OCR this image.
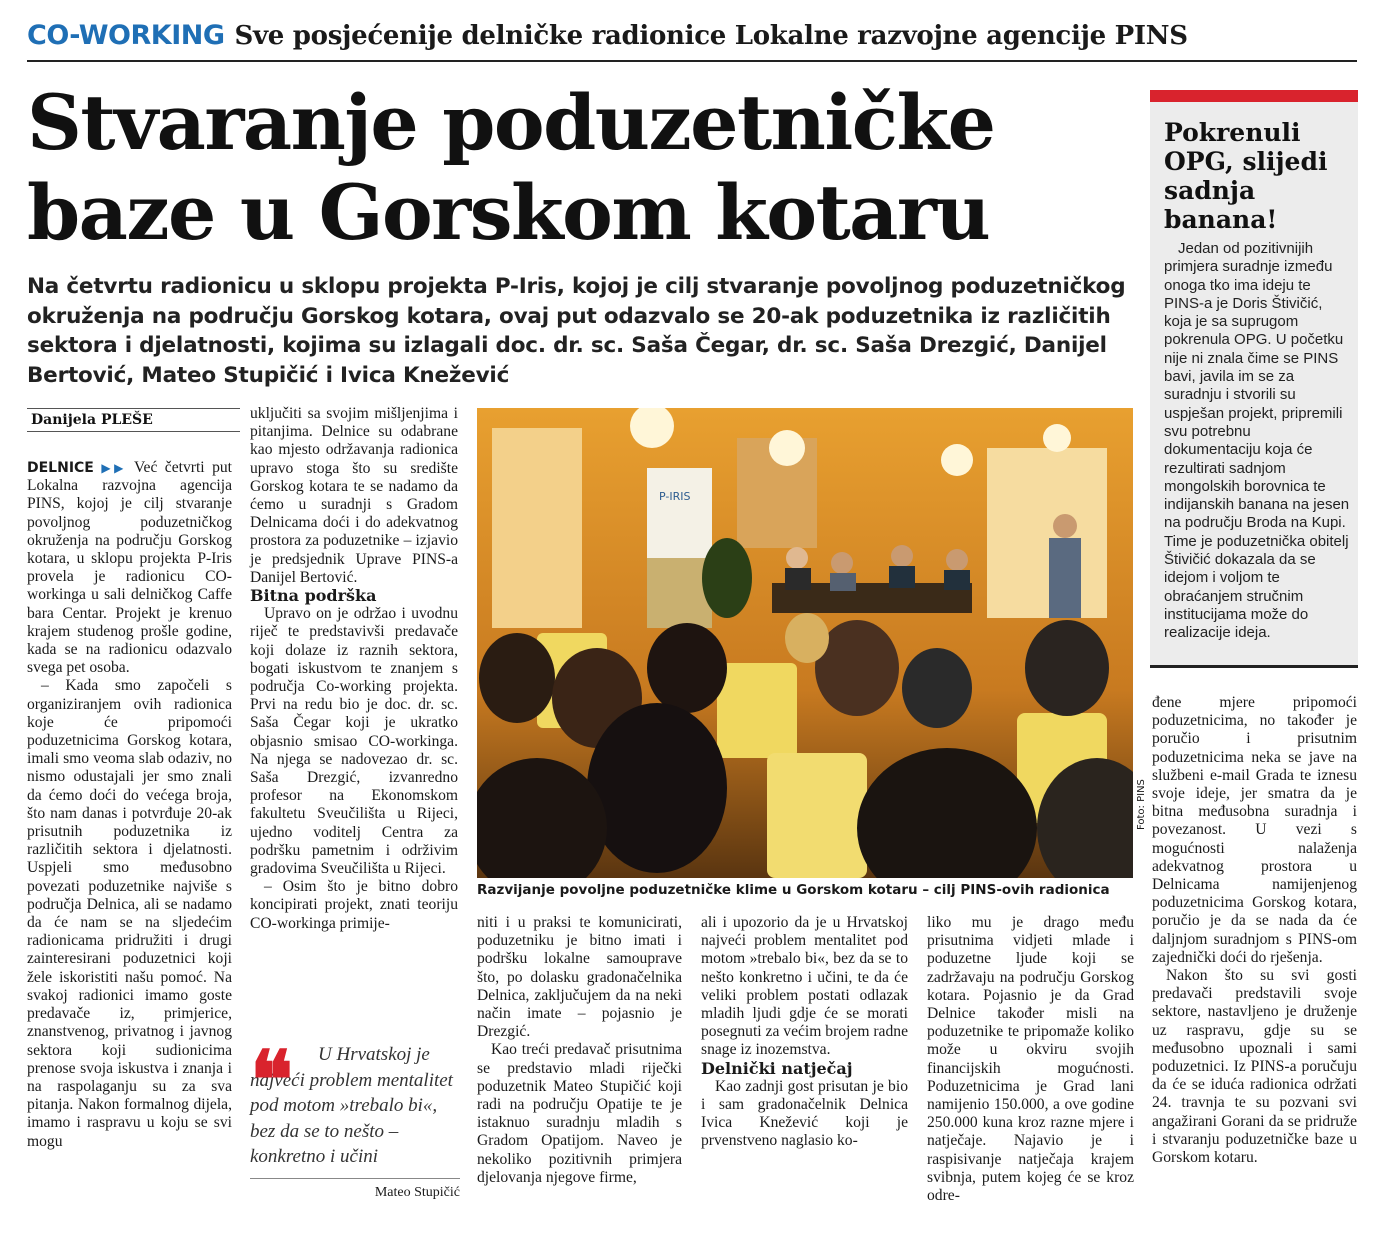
CO-WORKING Sve posjećenije delničke radionice Lokalne razvojne agencije PINS
Stvaranje poduzetničke
baze u Gorskom kotaru
Na četvrtu radionicu u sklopu projekta P-Iris, kojoj je cilj stvaranje povoljnog poduzetničkog okruženja na području Gorskog kotara, ovaj put odazvalo se 20-ak poduzetnika iz različitih sektora i djelatnosti, kojima su izlagali doc. dr. sc. Saša Čegar, dr. sc. Saša Drezgić, Danijel Bertović, Mateo Stupičić i Ivica Knežević
Danijela PLEŠE

DELNICE ▶▶ Već četvrti put Lokalna razvojna agencija PINS, kojoj je cilj stvaranje povoljnog poduzetničkog okruženja na području Gorskog kotara, u sklopu projekta P-Iris provela je radionicu CO-workinga u sali delničkog Caffe bara Centar. Projekt je krenuo krajem studenog prošle godine, kada se na radionicu odazvalo svega pet osoba.

– Kada smo započeli s organiziranjem ovih radionica koje će pripomoći poduzetnicima Gorskog kotara, imali smo veoma slab odaziv, no nismo odustajali jer smo znali da ćemo doći do većega broja, što nam danas i potvrđuje 20-ak prisutnih poduzetnika iz različitih sektora i djelatnosti. Uspjeli smo međusobno povezati poduzetnike najviše s područja Delnica, ali se nadamo da će nam se na sljedećim radionicama pridružiti i drugi zainteresirani poduzetnici koji žele iskoristiti našu pomoć. Na svakoj radionici imamo goste predavače iz, primjerice, znanstvenog, privatnog i javnog sektora koji sudionicima prenose svoja iskustva i znanja i na raspolaganju su za sva pitanja. Nakon formalnog dijela, imamo i raspravu u koju se svi mogu

uključiti sa svojim mišljenjima i pitanjima. Delnice su odabrane kao mjesto održavanja radionica upravo stoga što su središte Gorskog kotara te se nadamo da ćemo u suradnji s Gradom Delnicama doći i do adekvatnog prostora za poduzetnike – izjavio je predsjednik Uprave PINS-a Danijel Bertović.

Bitna podrška

Upravo on je održao i uvodnu riječ te predstavivši predavače koji dolaze iz raznih sektora, bogati iskustvom te znanjem s područja Co-working projekta. Prvi na redu bio je doc. dr. sc. Saša Čegar koji je ukratko objasnio smisao CO-workinga. Na njega se nadovezao dr. sc. Saša Drezgić, izvanredno profesor na Ekonomskom fakultetu Sveučilišta u Rijeci, ujedno voditelj Centra za podršku pametnim i održivim gradovima Sveučilišta u Rijeci.

– Osim što je bitno dobro koncipirati projekt, znati teoriju CO-workinga primije-

❝	U Hrvatskoj je najveći problem mentalitet pod motom »trebalo bi«, bez da se to nešto – konkretno i učini
Mateo Stupičić
P-IRIS
Foto: PINS
Razvijanje povoljne poduzetničke klime u Gorskom kotaru – cilj PINS-ovih radionica

niti i u praksi te komunicirati, poduzetniku je bitno imati i podršku lokalne samouprave što, po dolasku gradonačelnika Delnica, zaključujem da na neki način imate – pojasnio je Drezgić.

Kao treći predavač prisutnima se predstavio mladi riječki poduzetnik Mateo Stupičić koji radi na području Opatije te je istaknuo suradnju mladih s Gradom Opatijom. Naveo je nekoliko pozitivnih primjera djelovanja njegove firme,

ali i upozorio da je u Hrvatskoj najveći problem mentalitet pod motom »trebalo bi«, bez da se to nešto konkretno i učini, te da će veliki problem postati odlazak mladih ljudi gdje će se morati posegnuti za većim brojem radne snage iz inozemstva.

Delnički natječaj

Kao zadnji gost prisutan je bio i sam gradonačelnik Delnica Ivica Knežević koji je prvenstveno naglasio ko-

liko mu je drago među prisutnima vidjeti mlade i poduzetne ljude koji se zadržavaju na području Gorskog kotara. Pojasnio je da Grad Delnice također misli na poduzetnike te pripomaže koliko može u okviru svojih financijskih mogućnosti. Poduzetnicima je Grad lani namijenio 150.000, a ove godine 250.000 kuna kroz razne mjere i natječaje. Najavio je i raspisivanje natječaja krajem svibnja, putem kojeg će se kroz odre-

Pokrenuli OPG, slijedi sadnja banana!
Jedan od pozitivnijih primjera suradnje između onoga tko ima ideju te PINS-a je Doris Štivičić, koja je sa suprugom pokrenula OPG. U početku nije ni znala čime se PINS bavi, javila im se za suradnju i stvorili su uspješan projekt, pripremili svu potrebnu dokumentaciju koja će rezultirati sadnjom mongolskih borovnica te indijanskih banana na jesen na području Broda na Kupi. Time je poduzetnička obitelj Štivičić dokazala da se idejom i voljom te obraćanjem stručnim institucijama može do realizacije ideja.

đene mjere pripomoći poduzetnicima, no također je poručio i prisutnim poduzetnicima neka se jave na službeni e-mail Grada te iznesu svoje ideje, jer smatra da je bitna međusobna suradnja i povezanost. U vezi s mogućnosti nalaženja adekvatnog prostora u Delnicama namijenjenog poduzetnicima Gorskog kotara, poručio je da se nada da će daljnjom suradnjom s PINS-om zajednički doći do rješenja.

Nakon što su svi gosti predavači predstavili svoje sektore, nastavljeno je druženje uz raspravu, gdje su se međusobno upoznali i sami poduzetnici. Iz PINS-a poručuju da će se iduća radionica održati 24. travnja te su pozvani svi angažirani Gorani da se pridruže i stvaranju poduzetničke baze u Gorskom kotaru.
